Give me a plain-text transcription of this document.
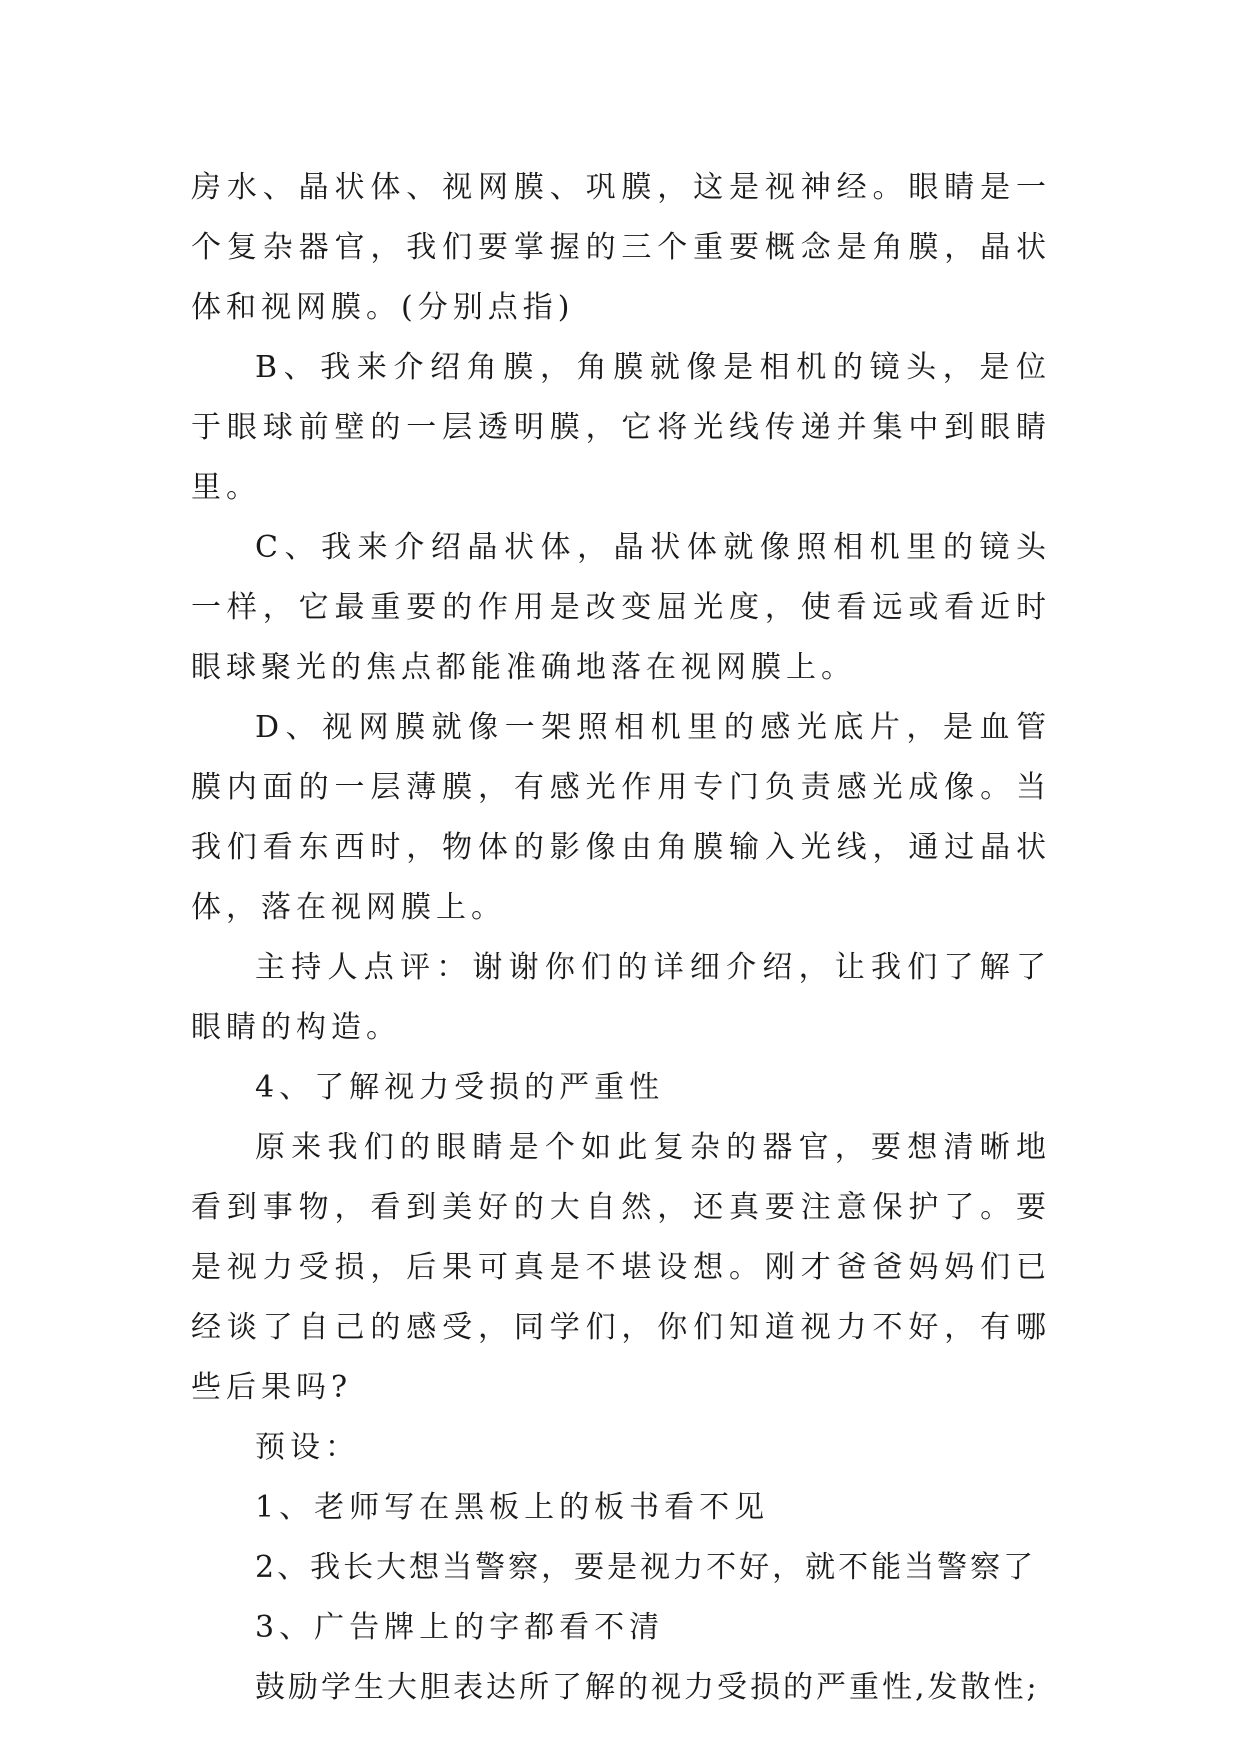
房水、晶状体、视网膜、巩膜，这是视神经。眼睛是一个复杂器官，我们要掌握的三个重要概念是角膜，晶状体和视网膜。(分别点指)

B、我来介绍角膜，角膜就像是相机的镜头，是位于眼球前壁的一层透明膜，它将光线传递并集中到眼睛里。

C、我来介绍晶状体，晶状体就像照相机里的镜头一样，它最重要的作用是改变屈光度，使看远或看近时眼球聚光的焦点都能准确地落在视网膜上。

D、视网膜就像一架照相机里的感光底片，是血管膜内面的一层薄膜，有感光作用专门负责感光成像。当我们看东西时，物体的影像由角膜输入光线，通过晶状体，落在视网膜上。

主持人点评：谢谢你们的详细介绍，让我们了解了眼睛的构造。

4、了解视力受损的严重性

原来我们的眼睛是个如此复杂的器官，要想清晰地看到事物，看到美好的大自然，还真要注意保护了。要是视力受损，后果可真是不堪设想。刚才爸爸妈妈们已经谈了自己的感受，同学们，你们知道视力不好，有哪些后果吗?

预设：

1、老师写在黑板上的板书看不见

2、我长大想当警察，要是视力不好，就不能当警察了

3、广告牌上的字都看不清

鼓励学生大胆表达所了解的视力受损的严重性,发散性;
